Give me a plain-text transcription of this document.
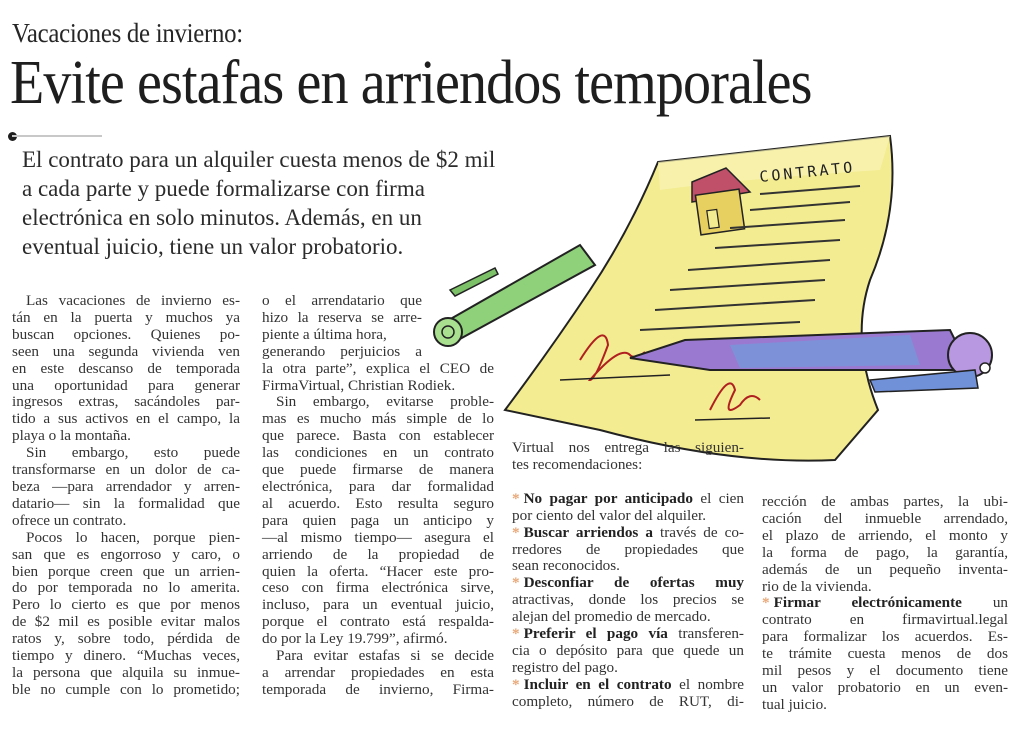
Vacaciones de invierno:
Evite estafas en arriendos temporales
El contrato para un alquiler cuesta menos de $2 mil
a cada parte y puede formalizarse con firma
electrónica en solo minutos. Además, en un
eventual juicio, tiene un valor probatorio.
CONTRATO
Las vacaciones de invierno es-
tán en la puerta y muchos ya
buscan opciones. Quienes po-
seen una segunda vivienda ven
en este descanso de temporada
una oportunidad para generar
ingresos extras, sacándoles par-
tido a sus activos en el campo, la
playa o la montaña.
Sin embargo, esto puede
transformarse en un dolor de ca-
beza —para arrendador y arren-
datario— sin la formalidad que
ofrece un contrato.
Pocos lo hacen, porque pien-
san que es engorroso y caro, o
bien porque creen que un arrien-
do por temporada no lo amerita.
Pero lo cierto es que por menos
de $2 mil es posible evitar malos
ratos y, sobre todo, pérdida de
tiempo y dinero. “Muchas veces,
la persona que alquila su inmue-
ble no cumple con lo prometido;
o el arrendatario que
hizo la reserva se arre-
piente a última hora,
generando perjuicios a
la otra parte”, explica el CEO de
FirmaVirtual, Christian Rodiek.
Sin embargo, evitarse proble-
mas es mucho más simple de lo
que parece. Basta con establecer
las condiciones en un contrato
que puede firmarse de manera
electrónica, para dar formalidad
al acuerdo. Esto resulta seguro
para quien paga un anticipo y
—al mismo tiempo— asegura el
arriendo de la propiedad de
quien la oferta. “Hacer este pro-
ceso con firma electrónica sirve,
incluso, para un eventual juicio,
porque el contrato está respalda-
do por la Ley 19.799”, afirmó.
Para evitar estafas si se decide
a arrendar propiedades en esta
temporada de invierno, Firma-
Virtual nos entrega las siguien-
tes recomendaciones:
* No pagar por anticipado el cien
por ciento del valor del alquiler.
* Buscar arriendos a través de co-
rredores de propiedades que
sean reconocidos.
* Desconfiar de ofertas muy
atractivas, donde los precios se
alejan del promedio de mercado.
* Preferir el pago vía transferen-
cia o depósito para que quede un
registro del pago.
* Incluir en el contrato el nombre
completo, número de RUT, di-
rección de ambas partes, la ubi-
cación del inmueble arrendado,
el plazo de arriendo, el monto y
la forma de pago, la garantía,
además de un pequeño inventa-
rio de la vivienda.
* Firmar electrónicamente un
contrato en firmavirtual.legal
para formalizar los acuerdos. Es-
te trámite cuesta menos de dos
mil pesos y el documento tiene
un valor probatorio en un even-
tual juicio.
